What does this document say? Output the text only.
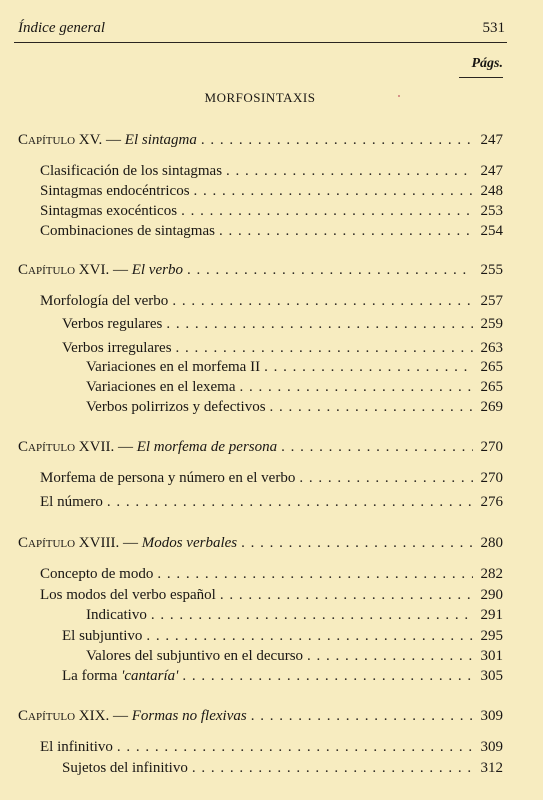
Índice general	531
Págs.
MORFOSINTAXIS
Capítulo XV. — El sintagma . . .	247
Clasificación de los sintagmas . . .	247
Sintagmas endocéntricos . . .	248
Sintagmas exocénticos . . .	253
Combinaciones de sintagmas . . .	254
Capítulo XVI. — El verbo . . .	255
Morfología del verbo . . .	257
Verbos regulares . . .	259
Verbos irregulares . . .	263
Variaciones en el morfema II . . .	265
Variaciones en el lexema . . .	265
Verbos polirrizos y defectivos . . .	269
Capítulo XVII. — El morfema de persona . . .	270
Morfema de persona y número en el verbo . . .	270
El número . . .	276
Capítulo XVIII. — Modos verbales . . .	280
Concepto de modo . . .	282
Los modos del verbo español . . .	290
Indicativo . . .	291
El subjuntivo . . .	295
Valores del subjuntivo en el decurso . . .	301
La forma 'cantaría' . . .	305
Capítulo XIX. — Formas no flexivas . . .	309
El infinitivo . . .	309
Sujetos del infinitivo . . .	312
